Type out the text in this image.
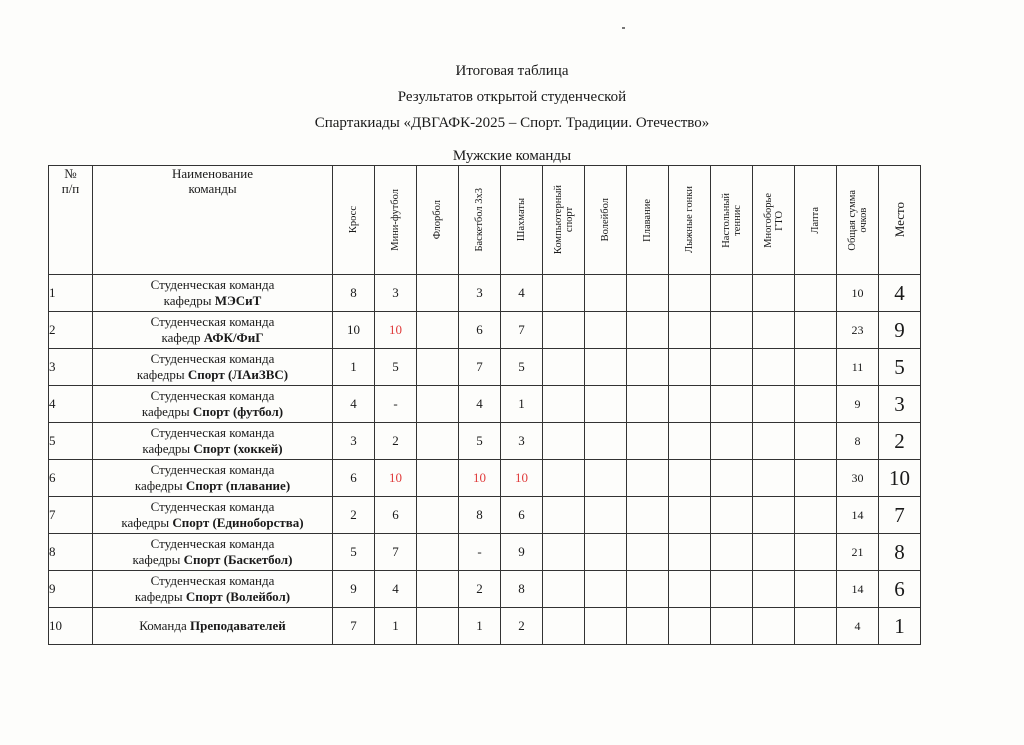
Итоговая таблица
Результатов открытой студенческой
Спартакиады «ДВГАФК-2025 – Спорт. Традиции. Отечество»
Мужские команды
№
п/п	Наименование
команды	Кросс	Мини-футбол	Флорбол	Баскетбол 3х3	Шахматы	Компьютерный
спорт	Волейбол	Плавание	Лыжные гонки	Настольный
теннис	Многоборье
ГТО	Лапта	Общая сумма
очков	Место

1	Студенческая команда
кафедры МЭСиТ	8	3		3	4								10	4
2	Студенческая команда
кафедр АФК/ФиГ	10	10		6	7								23	9
3	Студенческая команда
кафедры Спорт (ЛАиЗВС)	1	5		7	5								11	5
4	Студенческая команда
кафедры Спорт (футбол)	4	-		4	1								9	3
5	Студенческая команда
кафедры Спорт (хоккей)	3	2		5	3								8	2
6	Студенческая команда
кафедры Спорт (плавание)	6	10		10	10								30	10
7	Студенческая команда
кафедры Спорт (Единоборства)	2	6		8	6								14	7
8	Студенческая команда
кафедры Спорт (Баскетбол)	5	7		-	9								21	8
9	Студенческая команда
кафедры Спорт (Волейбол)	9	4		2	8								14	6
10	Команда Преподавателей	7	1		1	2								4	1
